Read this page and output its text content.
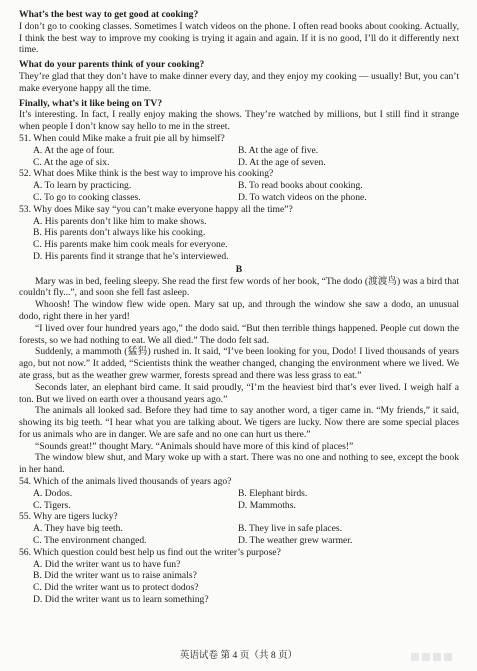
What’s the best way to get good at cooking?
I don’t go to cooking classes. Sometimes I watch videos on the phone. I often read books about cooking. Actually, I think the best way to improve my cooking is trying it again and again. If it is no good, I’ll do it differently next time.
What do your parents think of your cooking?
They’re glad that they don’t have to make dinner every day, and they enjoy my cooking — usually! But, you can’t make everyone happy all the time.
Finally, what’s it like being on TV?
It’s interesting. In fact, I really enjoy making the shows. They’re watched by millions, but I still find it strange when people I don’t know say hello to me in the street.
51. When could Mike make a fruit pie all by himself?
A. At the age of four.	B. At the age of five.
C. At the age of six.	D. At the age of seven.
52. What does Mike think is the best way to improve his cooking?
A. To learn by practicing.	B. To read books about cooking.
C. To go to cooking classes.	D. To watch videos on the phone.
53. Why does Mike say “you can’t make everyone happy all the time”?
A. His parents don’t like him to make shows.
B. His parents don’t always like his cooking.
C. His parents make him cook meals for everyone.
D. His parents find it strange that he’s interviewed.
B
Mary was in bed, feeling sleepy. She read the first few words of her book, “The dodo (渡渡鸟) was a bird that couldn’t fly...”, and soon she fell fast asleep.
Whoosh! The window flew wide open. Mary sat up, and through the window she saw a dodo, an unusual dodo, right there in her yard!
“I lived over four hundred years ago,” the dodo said. “But then terrible things happened. People cut down the forests, so we had nothing to eat. We all died.” The dodo felt sad.
Suddenly, a mammoth (猛犸) rushed in. It said, “I’ve been looking for you, Dodo! I lived thousands of years ago, but not now.” It added, “Scientists think the weather changed, changing the environment where we lived. We ate grass, but as the weather grew warmer, forests spread and there was less grass to eat.”
Seconds later, an elephant bird came. It said proudly, “I’m the heaviest bird that’s ever lived. I weigh half a ton. But we lived on earth over a thousand years ago.”
The animals all looked sad. Before they had time to say another word, a tiger came in. “My friends,” it said, showing its big teeth. “I hear what you are talking about. We tigers are lucky. Now there are some special places for us animals who are in danger. We are safe and no one can hurt us there.”
“Sounds great!” thought Mary. “Animals should have more of this kind of places!”
The window blew shut, and Mary woke up with a start. There was no one and nothing to see, except the book in her hand.
54. Which of the animals lived thousands of years ago?
A. Dodos.	B. Elephant birds.
C. Tigers.	D. Mammoths.
55. Why are tigers lucky?
A. They have big teeth.	B. They live in safe places.
C. The environment changed.	D. The weather grew warmer.
56. Which question could best help us find out the writer’s purpose?
A. Did the writer want us to have fun?
B. Did the writer want us to raise animals?
C. Did the writer want us to protect dodos?
D. Did the writer want us to learn something?
英语试卷 第 4 页（共 8 页）
